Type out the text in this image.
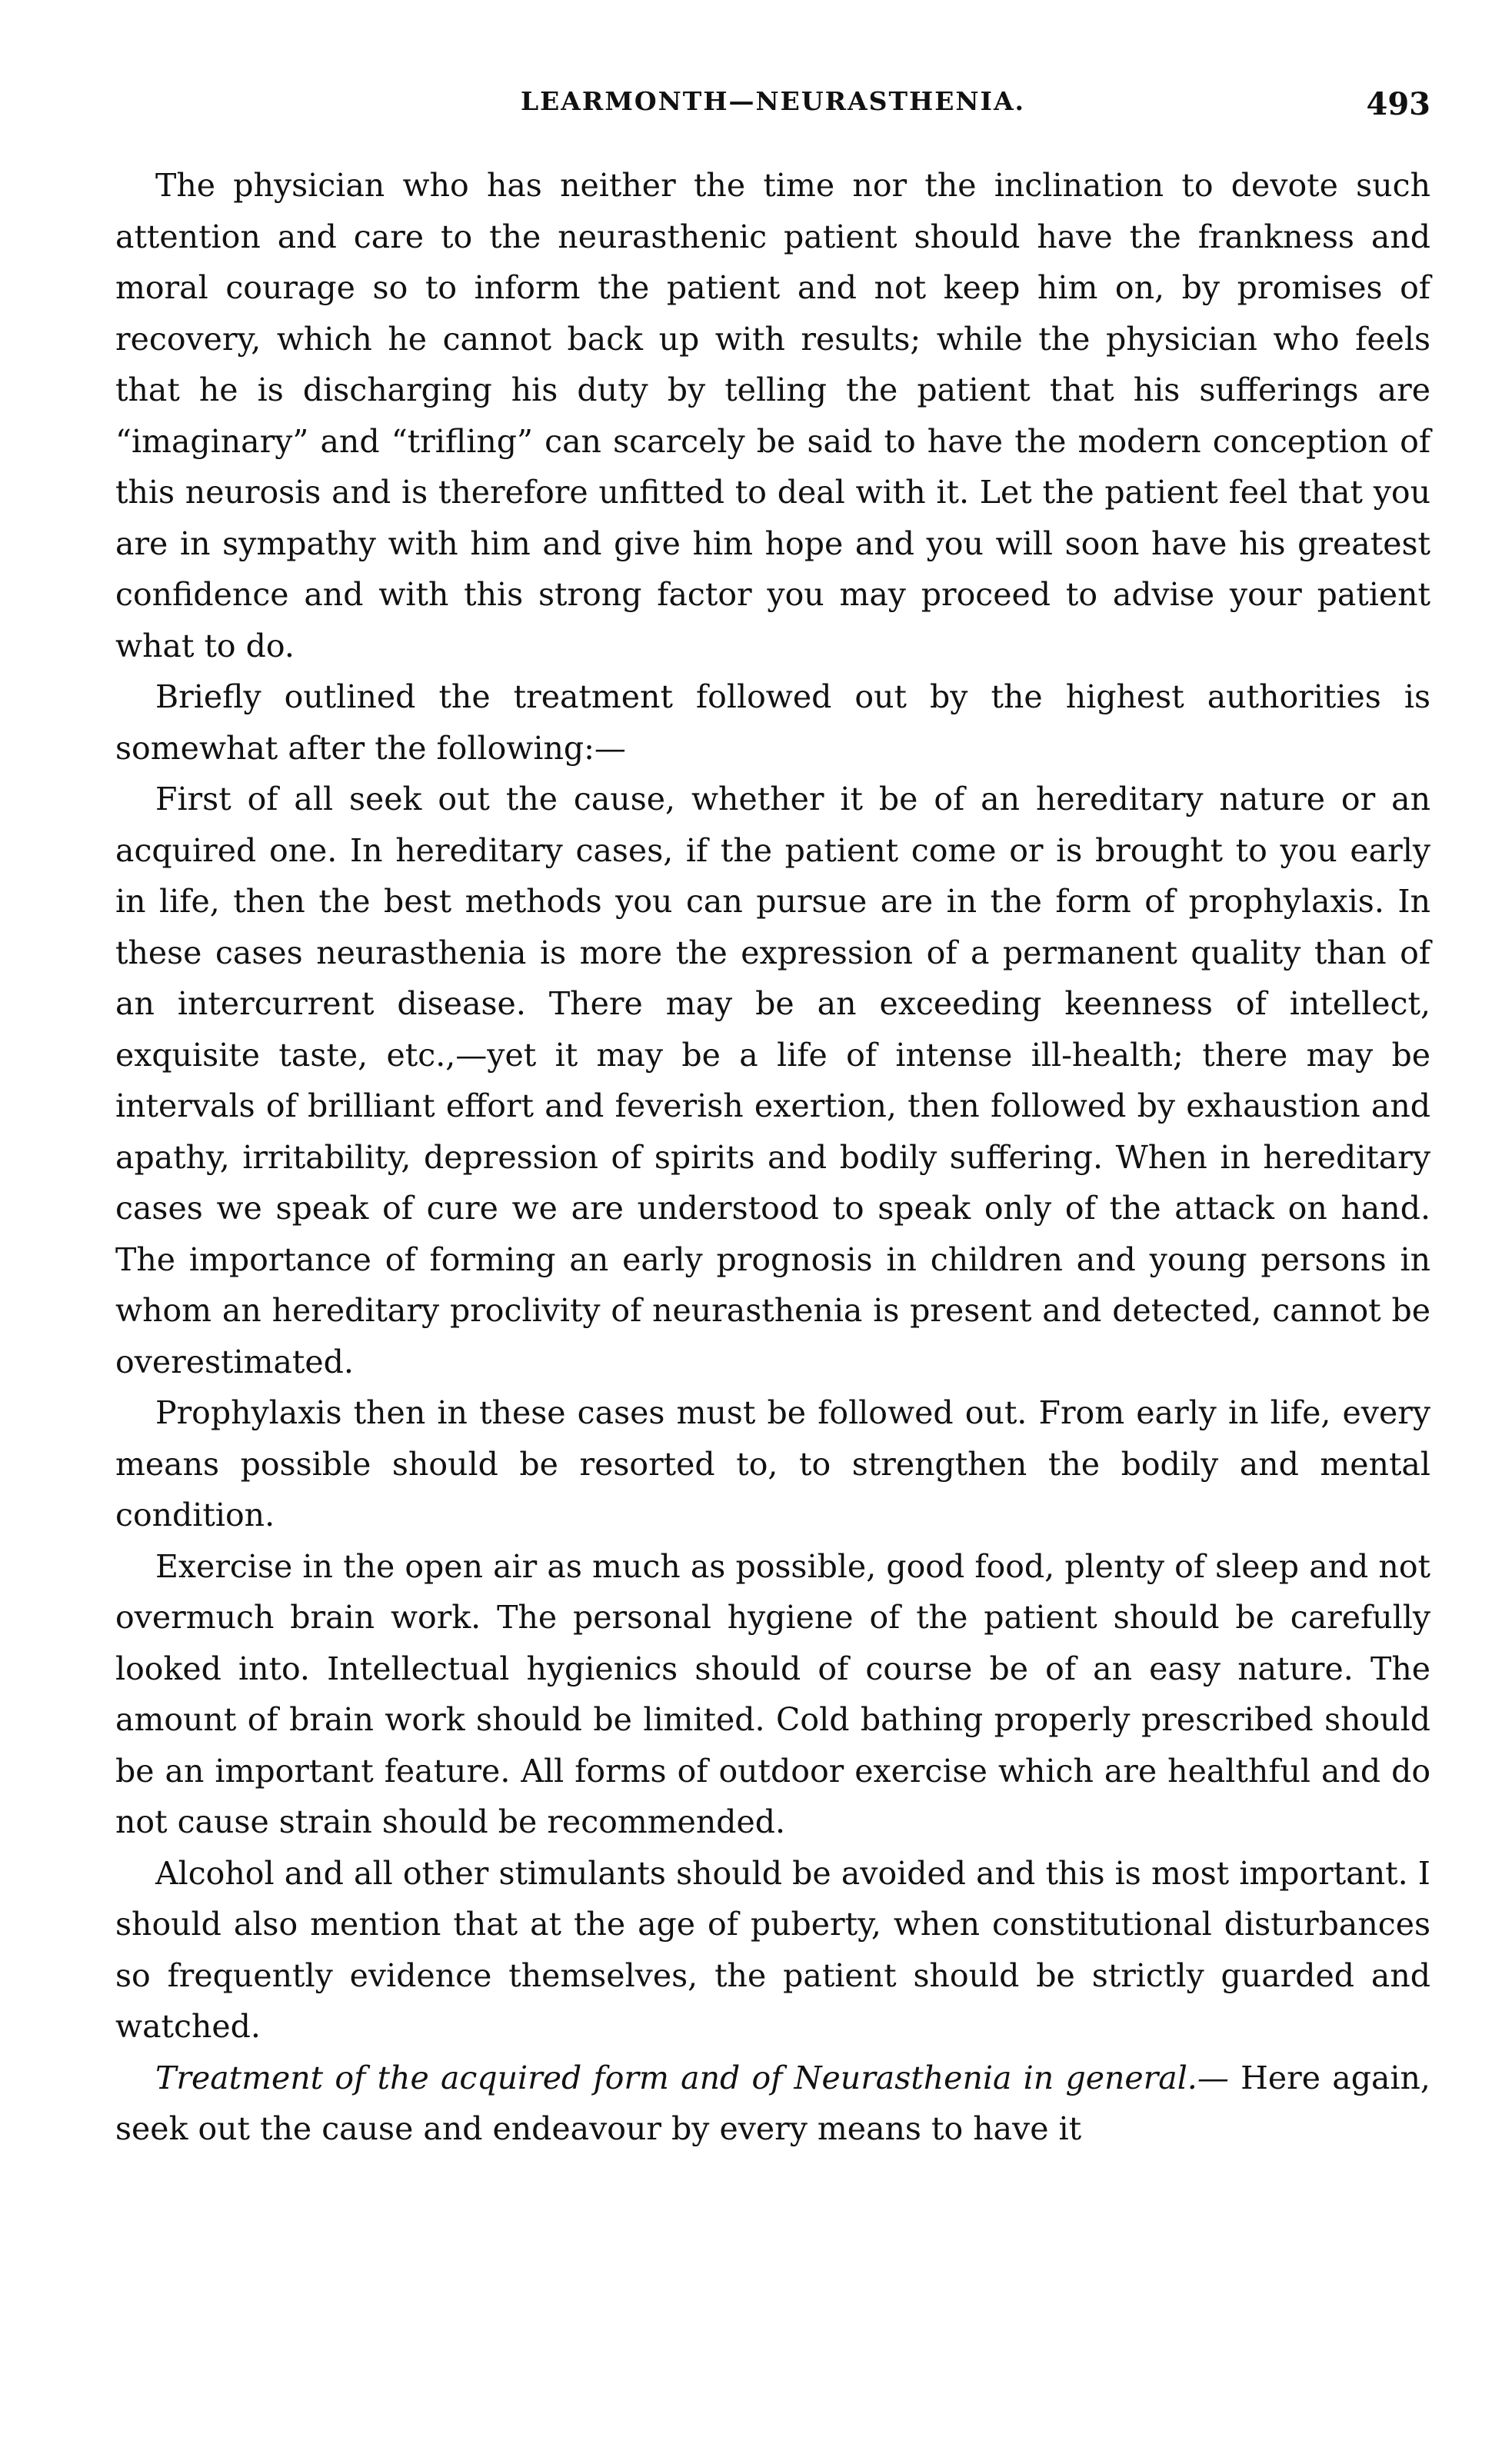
LEARMONTH—NEURASTHENIA.	493

The physician who has neither the time nor the inclination to devote such attention and care to the neurasthenic patient should have the frankness and moral courage so to inform the patient and not keep him on, by promises of recovery, which he cannot back up with results; while the physician who feels that he is discharging his duty by telling the patient that his sufferings are “imaginary” and “trifling” can scarcely be said to have the modern conception of this neurosis and is therefore unfitted to deal with it. Let the patient feel that you are in sympathy with him and give him hope and you will soon have his greatest confidence and with this strong factor you may proceed to advise your patient what to do.

Briefly outlined the treatment followed out by the highest authorities is somewhat after the following:—

First of all seek out the cause, whether it be of an hereditary nature or an acquired one. In hereditary cases, if the patient come or is brought to you early in life, then the best methods you can pursue are in the form of prophylaxis. In these cases neurasthenia is more the expression of a permanent quality than of an intercurrent disease. There may be an exceeding keenness of intellect, exquisite taste, etc.,—yet it may be a life of intense ill-health; there may be intervals of brilliant effort and feverish exertion, then followed by exhaustion and apathy, irritability, depression of spirits and bodily suffering. When in hereditary cases we speak of cure we are understood to speak only of the attack on hand. The importance of forming an early prognosis in children and young persons in whom an hereditary proclivity of neurasthenia is present and detected, cannot be overestimated.

Prophylaxis then in these cases must be followed out. From early in life, every means possible should be resorted to, to strengthen the bodily and mental condition.

Exercise in the open air as much as possible, good food, plenty of sleep and not overmuch brain work. The personal hygiene of the patient should be carefully looked into. Intellectual hygienics should of course be of an easy nature. The amount of brain work should be limited. Cold bathing properly prescribed should be an important feature. All forms of outdoor exercise which are healthful and do not cause strain should be recommended.

Alcohol and all other stimulants should be avoided and this is most important. I should also mention that at the age of puberty, when constitutional disturbances so frequently evidence themselves, the patient should be strictly guarded and watched.

Treatment of the acquired form and of Neurasthenia in general.— Here again, seek out the cause and endeavour by every means to have it
